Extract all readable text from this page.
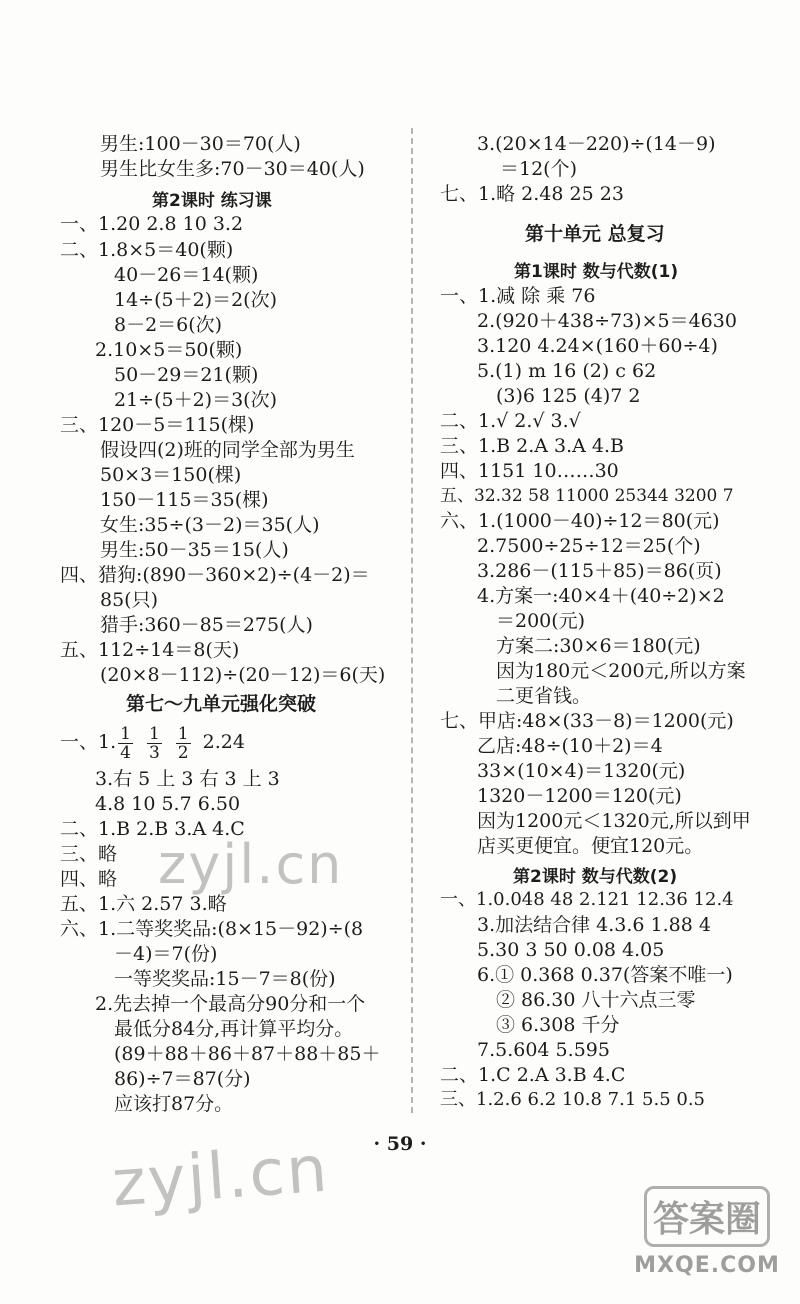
男生:100－30＝70(人)
男生比女生多:70－30＝40(人)
第2课时 练习课
一、1.20 2.8 10 3.2
二、1.8×5＝40(颗)
40－26＝14(颗)
14÷(5＋2)＝2(次)
8－2＝6(次)
2.10×5＝50(颗)
50－29＝21(颗)
21÷(5＋2)＝3(次)
三、120－5＝115(棵)
假设四(2)班的同学全部为男生
50×3＝150(棵)
150－115＝35(棵)
女生:35÷(3－2)＝35(人)
男生:50－35＝15(人)
四、猎狗:(890－360×2)÷(4－2)＝
85(只)
猎手:360－85＝275(人)
五、112÷14＝8(天)
(20×8－112)÷(20－12)＝6(天)
第七～九单元强化突破
一、1. $\frac{1}{4} \frac{1}{3} \frac{1}{2} 2.24$
3.右 5 上 3 右 3 上 3
4.8 10 5.7 6.50
二、1.B 2.B 3.A 4.C
三、略
四、略
五、1.六 2.57 3.略
六、1.二等奖奖品:(8×15－92)÷(8
－4)＝7(份)
一等奖奖品:15－7＝8(份)
2.先去掉一个最高分90分和一个
最低分84分,再计算平均分。
(89＋88＋86＋87＋88＋85＋
86)÷7＝87(分)
应该打87分。
3.(20×14－220)÷(14－9)
＝12(个)
七、1.略 2.48 25 23
第十单元 总复习
第1课时 数与代数(1)
一、1.减 除 乘 76
2.(920＋438÷73)×5＝4630
3.120 4.24×(160＋60÷4)
5.(1) m 16 (2) c 62
(3)6 125 (4)7 2
二、1.√ 2.√ 3.√
三、1.B 2.A 3.A 4.B
四、1151 10……30
五、32.32 58 11000 25344 3200 7
六、1.(1000－40)÷12＝80(元)
2.7500÷25÷12＝25(个)
3.286－(115＋85)＝86(页)
4.方案一:40×4＋(40÷2)×2
＝200(元)
方案二:30×6＝180(元)
因为180元＜200元,所以方案
二更省钱。
七、甲店:48×(33－8)＝1200(元)
乙店:48÷(10＋2)＝4
33×(10×4)＝1320(元)
1320－1200＝120(元)
因为1200元＜1320元,所以到甲
店买更便宜。便宜120元。
第2课时 数与代数(2)
一、1.0.048 48 2.121 12.36 12.4
3.加法结合律 4.3.6 1.88 4
5.30 3 50 0.08 4.05
6.① 0.368 0.37(答案不唯一)
② 86.30 八十六点三零
③ 6.308 千分
7.5.604 5.595
二、1.C 2.A 3.B 4.C
三、1.2.6 6.2 10.8 7.1 5.5 0.5
· 59 ·
zyjl.cn
zyjl.cn	答案圈
MXQE.COM
